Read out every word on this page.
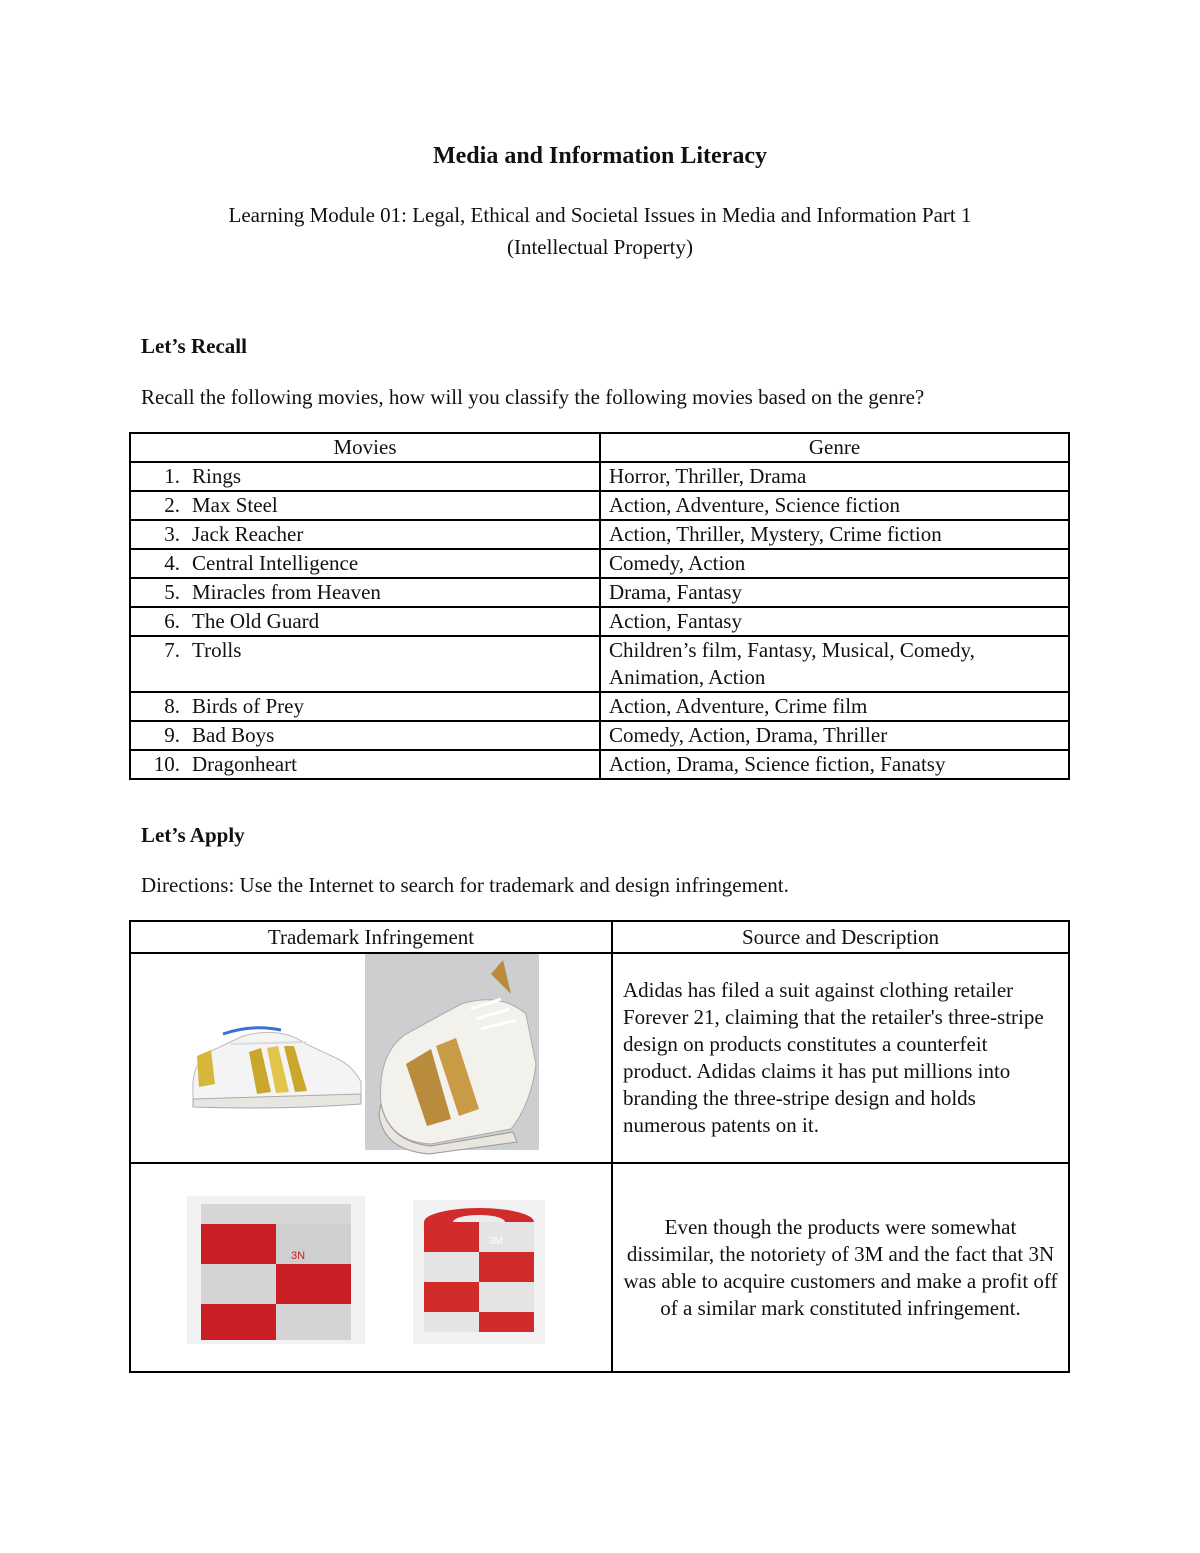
Media and Information Literacy
Learning Module 01: Legal, Ethical and Societal Issues in Media and Information Part 1
(Intellectual Property)
Let’s Recall
Recall the following movies, how will you classify the following movies based on the genre?
Movies	Genre
1. Rings	Horror, Thriller, Drama
2. Max Steel	Action, Adventure, Science fiction
3. Jack Reacher	Action, Thriller, Mystery, Crime fiction
4. Central Intelligence	Comedy, Action
5. Miracles from Heaven	Drama, Fantasy
6. The Old Guard	Action, Fantasy
7. Trolls	Children’s film, Fantasy, Musical, Comedy, Animation, Action
8. Birds of Prey	Action, Adventure, Crime film
9. Bad Boys	Comedy, Action, Drama, Thriller
10. Dragonheart	Action, Drama, Science fiction, Fanatsy
Let’s Apply
Directions: Use the Internet to search for trademark and design infringement.
Trademark Infringement	Source and Description

	Adidas has filed a suit against clothing retailer Forever 21, claiming that the retailer's three-stripe design on products constitutes a counterfeit product. Adidas claims it has put millions into branding the three-stripe design and holds numerous patents on it.

3N
3M	Even though the products were somewhat dissimilar, the notoriety of 3M and the fact that 3N was able to acquire customers and make a profit off of a similar mark constituted infringement.
